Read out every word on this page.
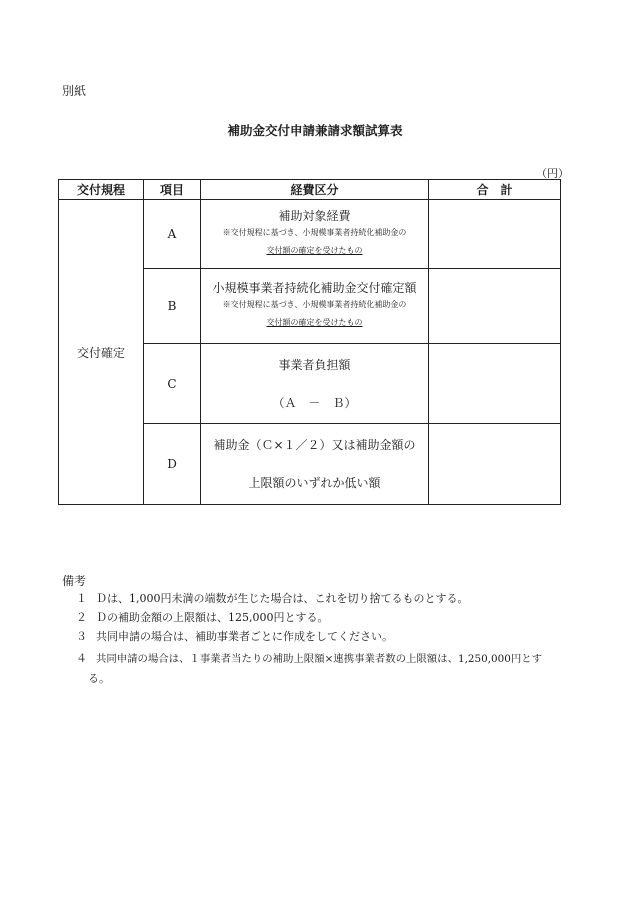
別紙
補助金交付申請兼請求額試算表
（円）
交付規程	項目	経費区分	合　計
交付確定	A	補助対象経費
※交付規程に基づき、小規模事業者持続化補助金の
交付額の確定を受けたもの	

	B	小規模事業者持続化補助金交付確定額
※交付規程に基づき、小規模事業者持続化補助金の
交付額の確定を受けたもの	

	C	事業者負担額
（Ａ　－　Ｂ）	

	D	補助金（Ｃ×１／２）又は補助金額の
上限額のいずれか低い額	

備考
１ Ｄは、1,000円未満の端数が生じた場合は、これを切り捨てるものとする。
２ Ｄの補助金額の上限額は、125,000円とする。
３ 共同申請の場合は、補助事業者ごとに作成をしてください。
４ 共同申請の場合は、１事業者当たりの補助上限額×連携事業者数の上限額は、1,250,000円とす
る。
